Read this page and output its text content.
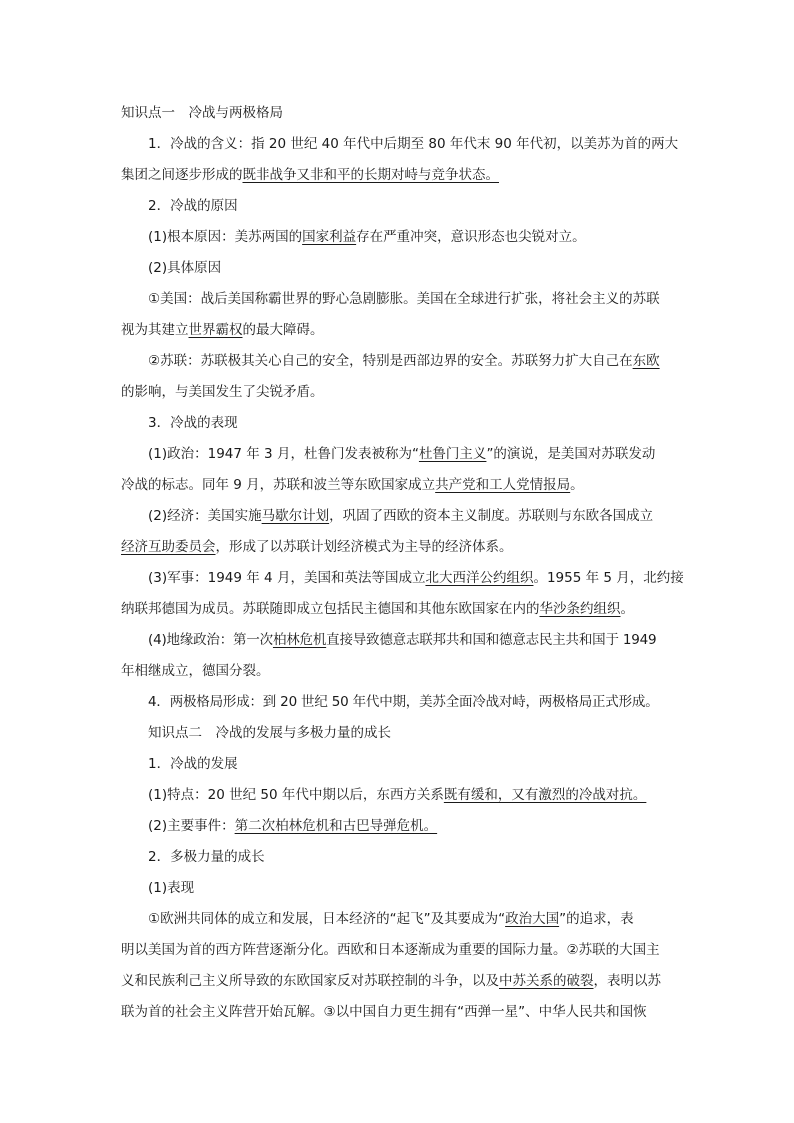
知识点一　冷战与两极格局
1．冷战的含义：指 20 世纪 40 年代中后期至 80 年代末 90 年代初，以美苏为首的两大
集团之间逐步形成的既非战争又非和平的长期对峙与竞争状态。
2．冷战的原因
(1)根本原因：美苏两国的国家利益存在严重冲突，意识形态也尖锐对立。
(2)具体原因
①美国：战后美国称霸世界的野心急剧膨胀。美国在全球进行扩张，将社会主义的苏联
视为其建立世界霸权的最大障碍。
②苏联：苏联极其关心自己的安全，特别是西部边界的安全。苏联努力扩大自己在东欧
的影响，与美国发生了尖锐矛盾。
3．冷战的表现
(1)政治：1947 年 3 月，杜鲁门发表被称为“杜鲁门主义”的演说，是美国对苏联发动
冷战的标志。同年 9 月，苏联和波兰等东欧国家成立共产党和工人党情报局。
(2)经济：美国实施马歇尔计划，巩固了西欧的资本主义制度。苏联则与东欧各国成立
经济互助委员会，形成了以苏联计划经济模式为主导的经济体系。
(3)军事：1949 年 4 月，美国和英法等国成立北大西洋公约组织。1955 年 5 月，北约接
纳联邦德国为成员。苏联随即成立包括民主德国和其他东欧国家在内的华沙条约组织。
(4)地缘政治：第一次柏林危机直接导致德意志联邦共和国和德意志民主共和国于 1949
年相继成立，德国分裂。
4．两极格局形成：到 20 世纪 50 年代中期，美苏全面冷战对峙，两极格局正式形成。
知识点二　冷战的发展与多极力量的成长
1．冷战的发展
(1)特点：20 世纪 50 年代中期以后，东西方关系既有缓和，又有激烈的冷战对抗。
(2)主要事件：第二次柏林危机和古巴导弹危机。
2．多极力量的成长
(1)表现
①欧洲共同体的成立和发展，日本经济的“起飞”及其要成为“政治大国”的追求，表
明以美国为首的西方阵营逐渐分化。西欧和日本逐渐成为重要的国际力量。②苏联的大国主
义和民族利己主义所导致的东欧国家反对苏联控制的斗争，以及中苏关系的破裂，表明以苏
联为首的社会主义阵营开始瓦解。③以中国自力更生拥有“西弹一星”、中华人民共和国恢
